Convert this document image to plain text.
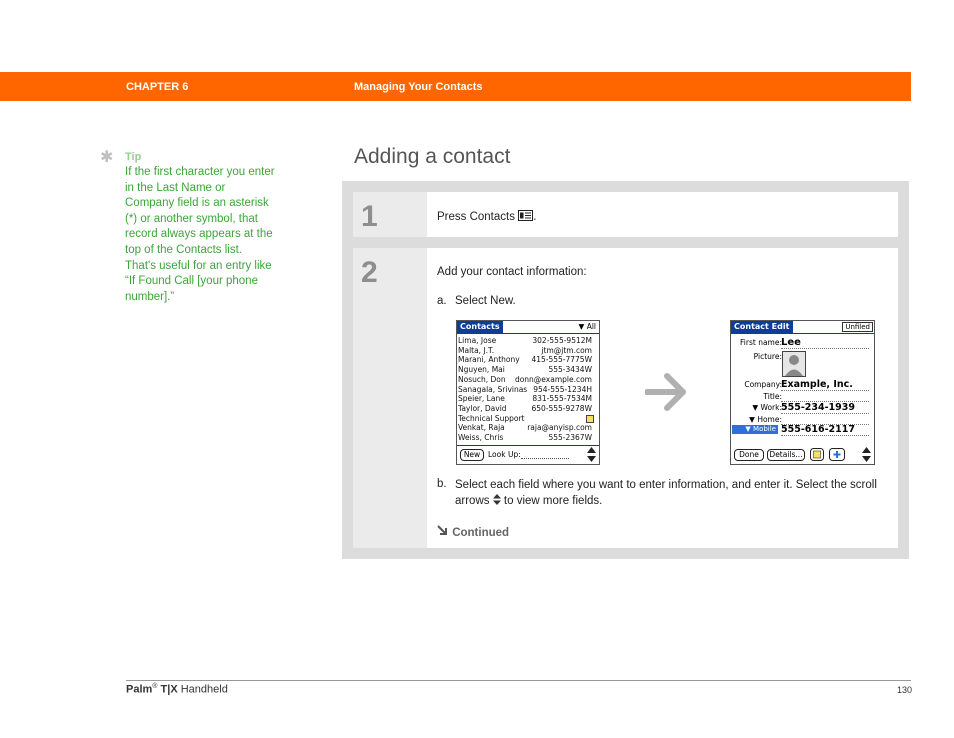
CHAPTER 6	Managing Your Contacts
✱ Tip
If the first character you enter in the Last Name or Company field is an asterisk (*) or another symbol, that record always appears at the top of the Contacts list. That's useful for an entry like “If Found Call [your phone number].”
Adding a contact
1	Press Contacts .
2	Add your contact information:
a. Select New.
b. Select each field where you want to enter information, and enter it. Select the scroll arrows to view more fields.
Contacts	▼ All
Lima, Jose	302-555-9512M
Malta, J.T.	jtm@jtm.com
Marani, Anthony 415-555-7775W
Nguyen, Mai	555-3434W
Nosuch, Don donn@example.com
Sanagala, Srivinas 954-555-1234H
Speier, Lane	831-555-7534M
Taylor, David	650-555-9278W
Technical Support
Venkat, Raja	raja@anyisp.com
Weiss, Chris	555-2367W
New	Look Up:
Contact Edit	Unfiled
First name: Lee
Picture:
Company: Example, Inc.
Title:
▼ Work: 555-234-1939
▼ Home:
▼ Mobile 555-616-2117
Done	Details...
Continued
Palm® T|X Handheld	130
